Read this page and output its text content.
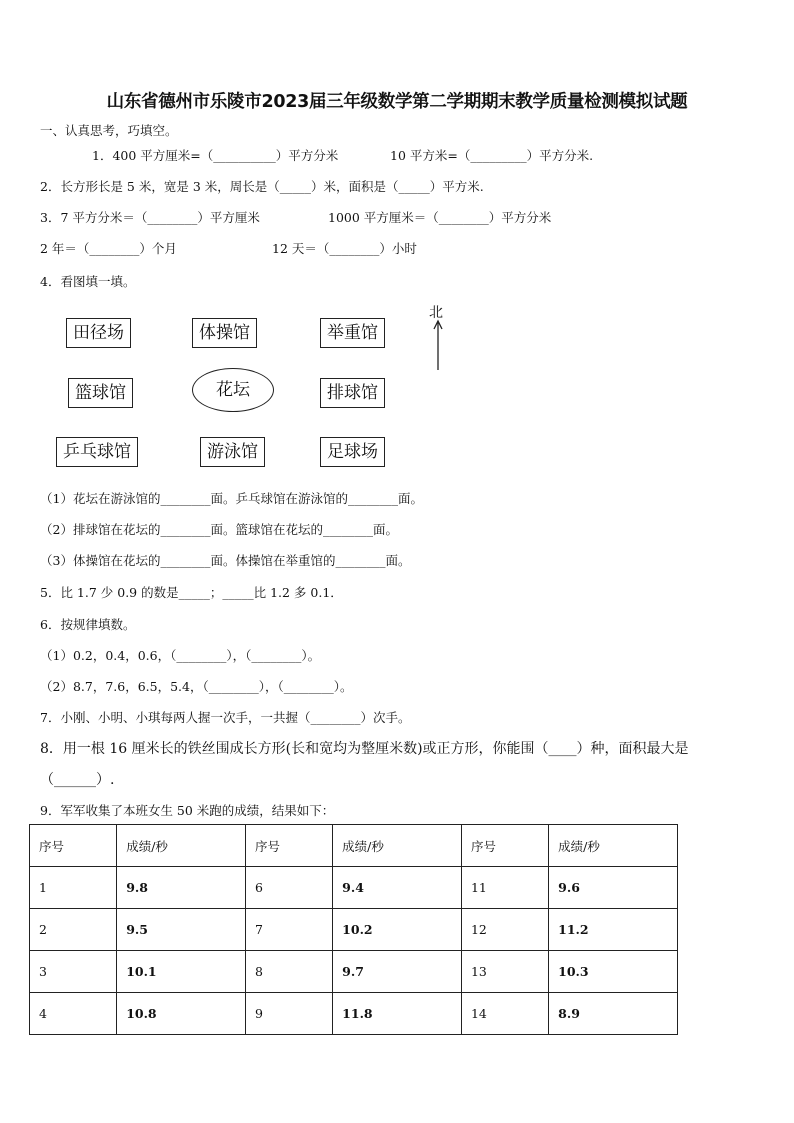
山东省德州市乐陵市2023届三年级数学第二学期期末教学质量检测模拟试题
一、认真思考，巧填空。
1．400 平方厘米=（__________）平方分米	10 平方米=（_________）平方分米.
2．长方形长是 5 米，宽是 3 米，周长是（_____）米，面积是（_____）平方米.
3．7 平方分米＝（________）平方厘米	1000 平方厘米＝（________）平方分米
2 年＝（________）个月	12 天＝（________）小时
4．看图填一填。
田径场	体操馆	举重馆
篮球馆	花坛	排球馆
乒乓球馆	游泳馆	足球场
北
（1）花坛在游泳馆的________面。乒乓球馆在游泳馆的________面。
（2）排球馆在花坛的________面。篮球馆在花坛的________面。
（3）体操馆在花坛的________面。体操馆在举重馆的________面。
5．比 1.7 少 0.9 的数是_____；_____比 1.2 多 0.1．
6．按规律填数。
（1）0.2，0.4，0.6，（________），（________）。
（2）8.7，7.6，6.5，5.4，（________），（________）。
7．小刚、小明、小琪每两人握一次手，一共握（________）次手。
8．用一根 16 厘米长的铁丝围成长方形(长和宽均为整厘米数)或正方形，你能围（____）种，面积最大是
（______）.
9．军军收集了本班女生 50 米跑的成绩，结果如下：
序号	成绩/秒	序号	成绩/秒	序号	成绩/秒
1	9.8	6	9.4	11	9.6
2	9.5	7	10.2	12	11.2
3	10.1	8	9.7	13	10.3
4	10.8	9	11.8	14	8.9
